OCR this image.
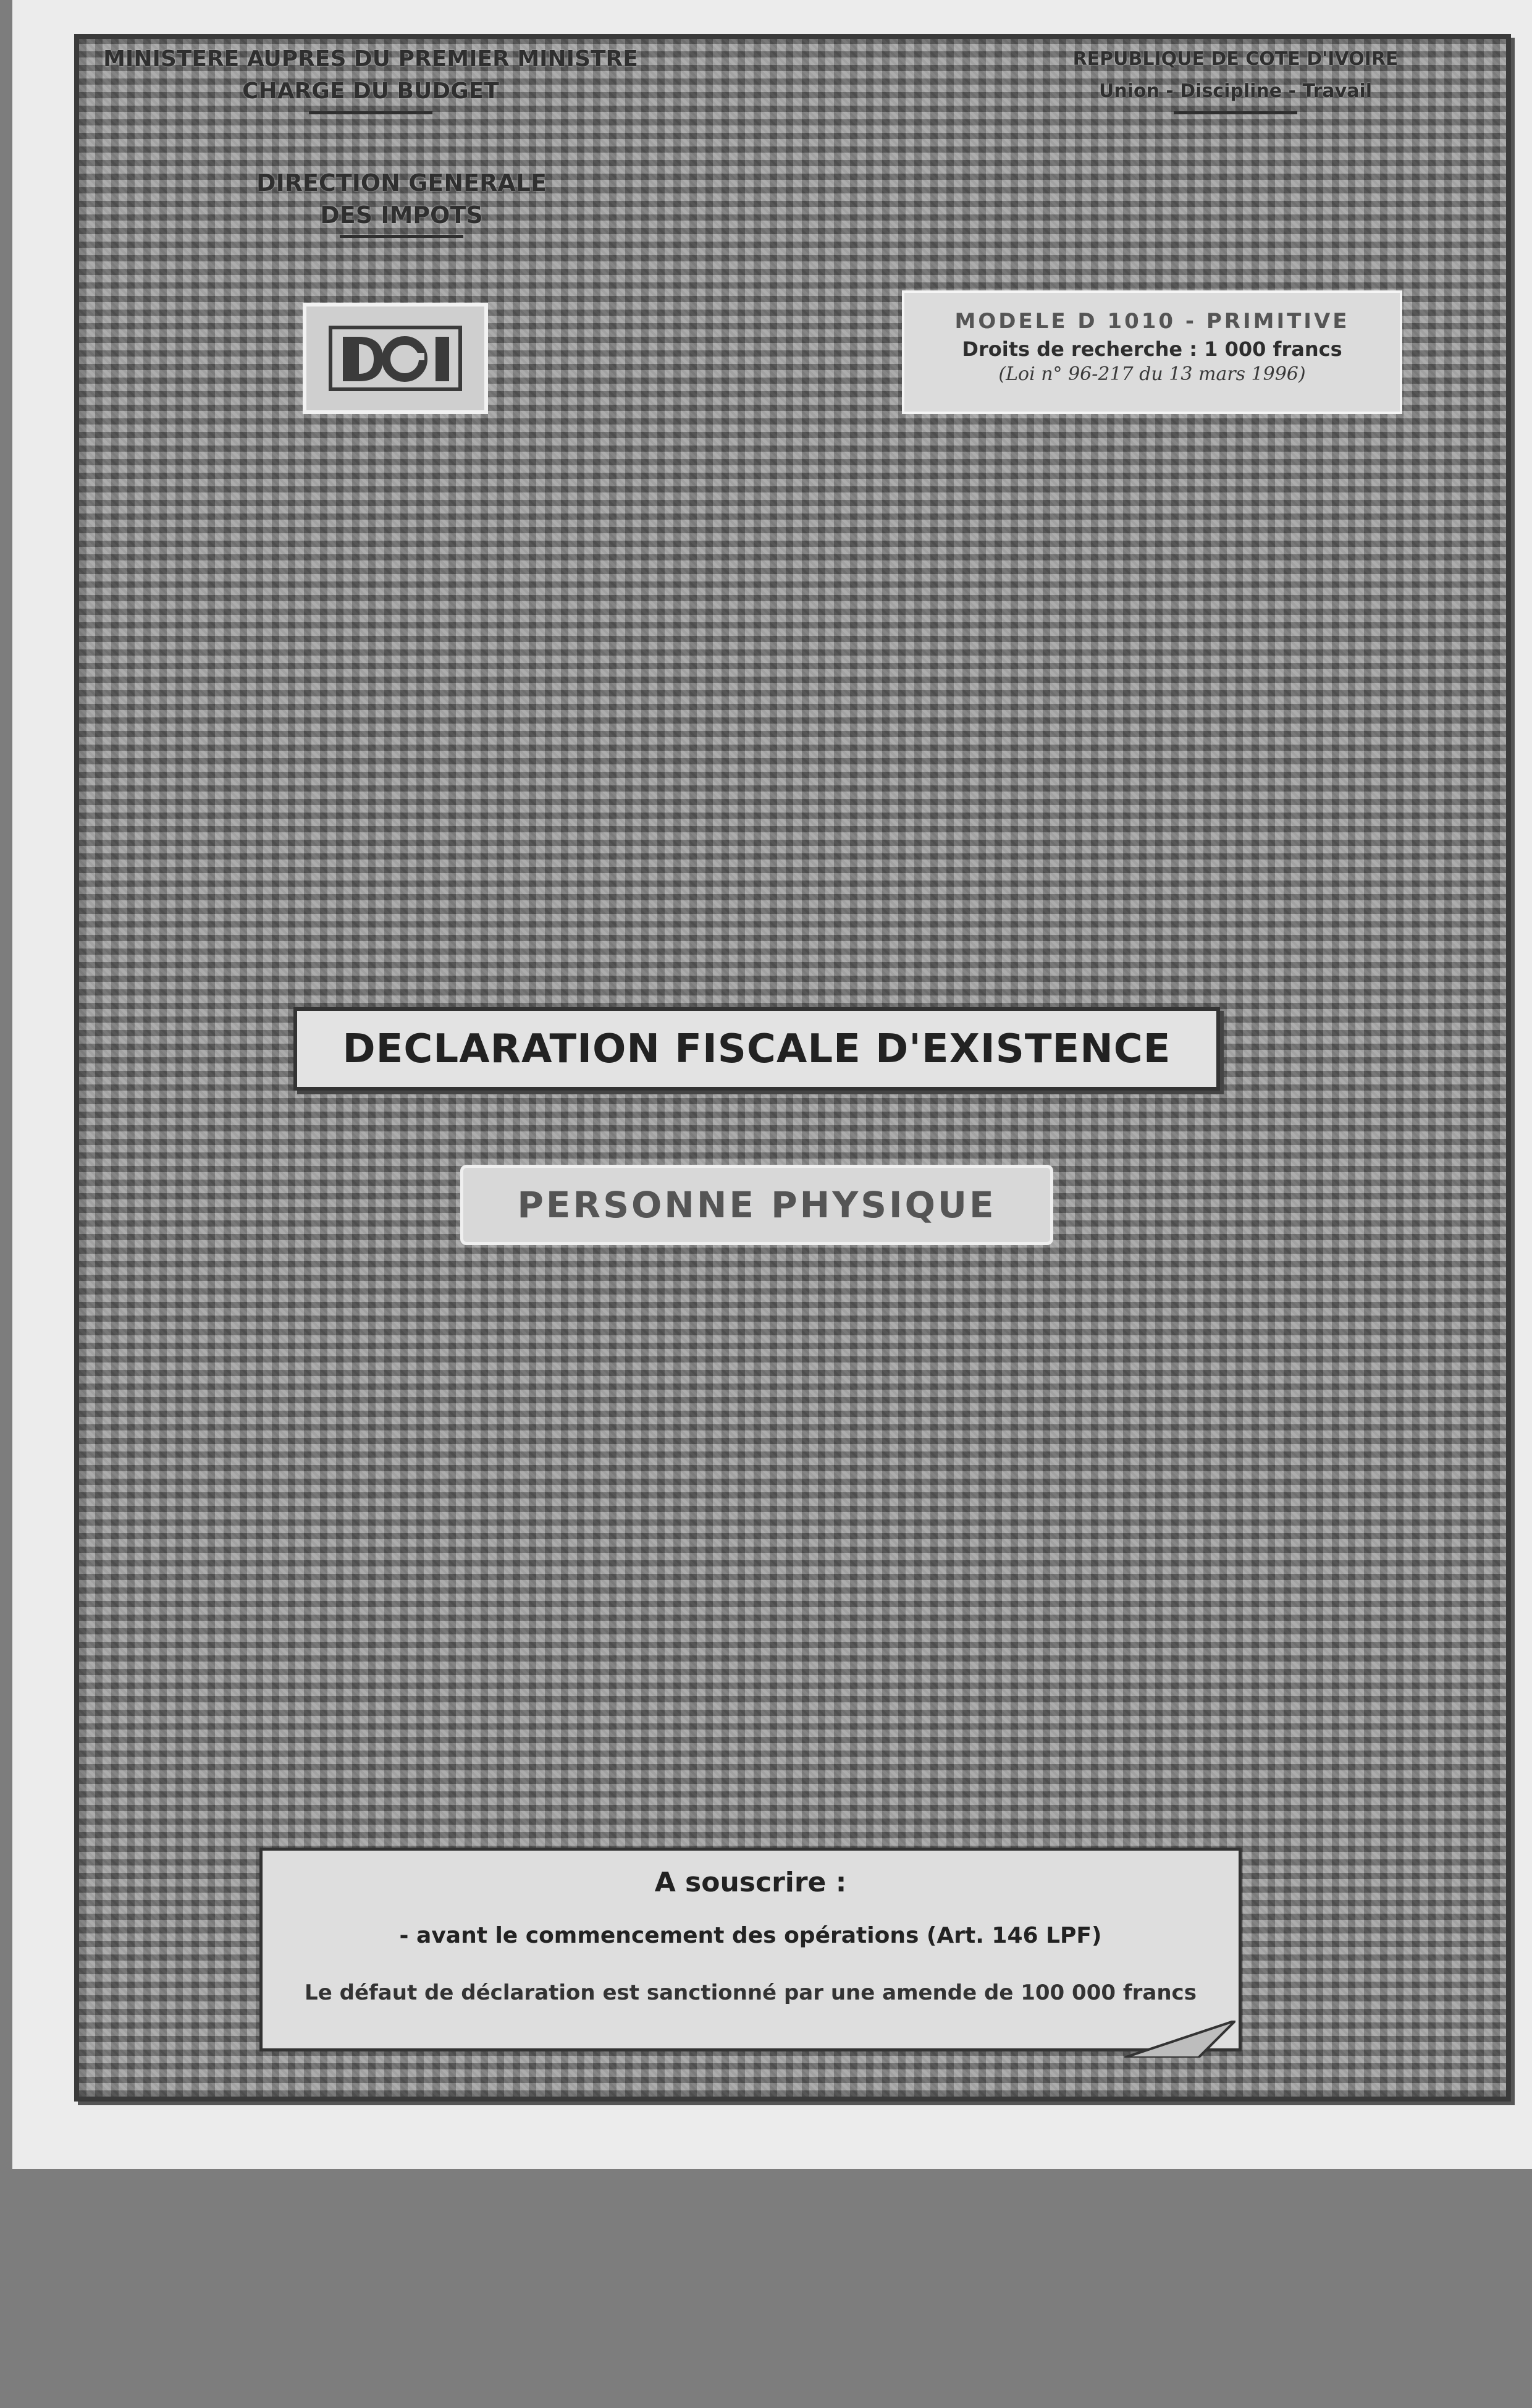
MINISTERE AUPRES DU PREMIER MINISTRE
CHARGE DU BUDGET
DIRECTION GENERALE
DES IMPOTS
REPUBLIQUE DE COTE D'IVOIRE
Union - Discipline - Travail
MODELE D 1010 - PRIMITIVE
Droits de recherche : 1 000 francs
(Loi n° 96-217 du 13 mars 1996)
DECLARATION FISCALE D'EXISTENCE
PERSONNE PHYSIQUE
A souscrire :
- avant le commencement des opérations (Art. 146 LPF)
Le défaut de déclaration est sanctionné par une amende de 100 000 francs
